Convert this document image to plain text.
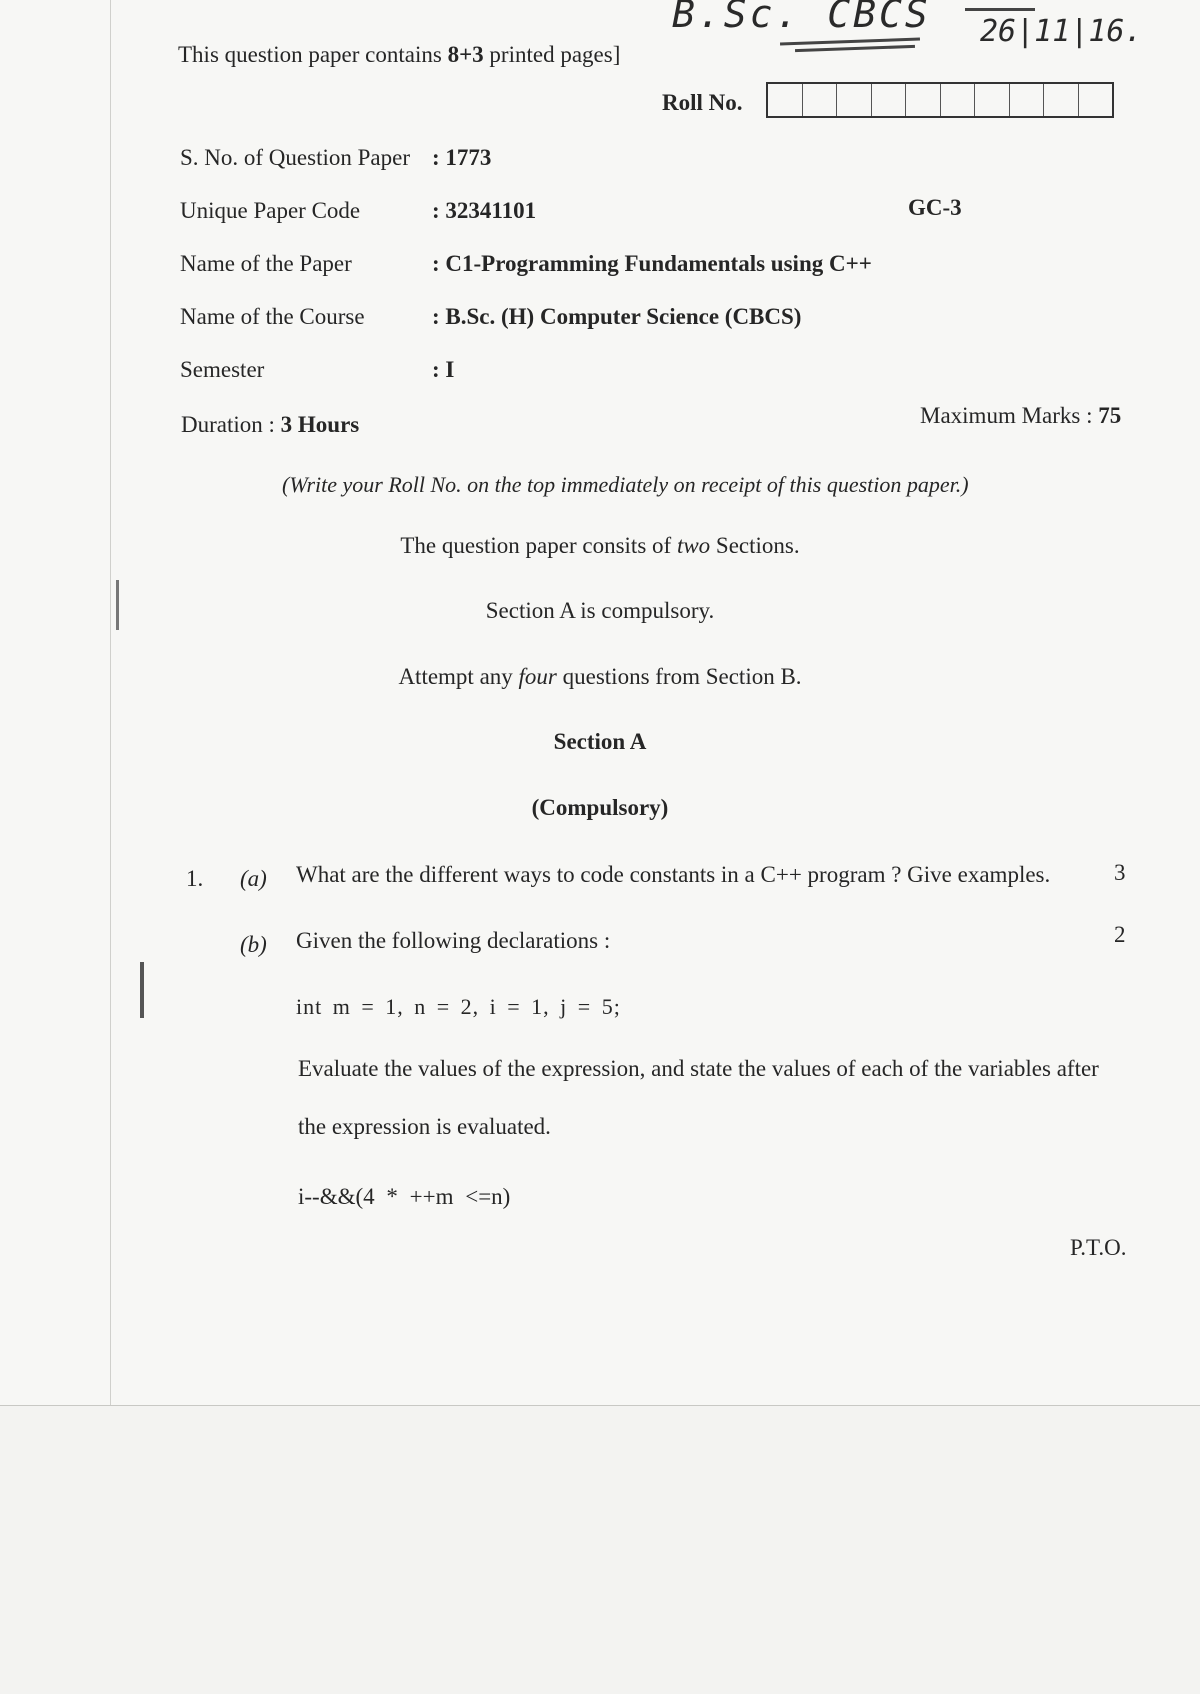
B.Sc. CBCS 26|11|16.
This question paper contains 8+3 printed pages]
Roll No.
S. No. of Question Paper : 1773
Unique Paper Code	: 32341101
Name of the Paper	: C1-Programming Fundamentals using C++
Name of the Course	: B.Sc. (H) Computer Science (CBCS)
Semester	: I
GC-3
Duration : 3 Hours	Maximum Marks : 75
(Write your Roll No. on the top immediately on receipt of this question paper.)
The question paper consits of two Sections.
Section A is compulsory.
Attempt any four questions from Section B.
Section A
(Compulsory)
1. (a) What are the different ways to code constants in a C++ program ? Give examples.	3
(b) Given the following declarations :	2
int m = 1, n = 2, i = 1, j = 5;
Evaluate the values of the expression, and state the values of each of the variables after
the expression is evaluated.
i--&&(4 * ++m <=n)
P.T.O.
